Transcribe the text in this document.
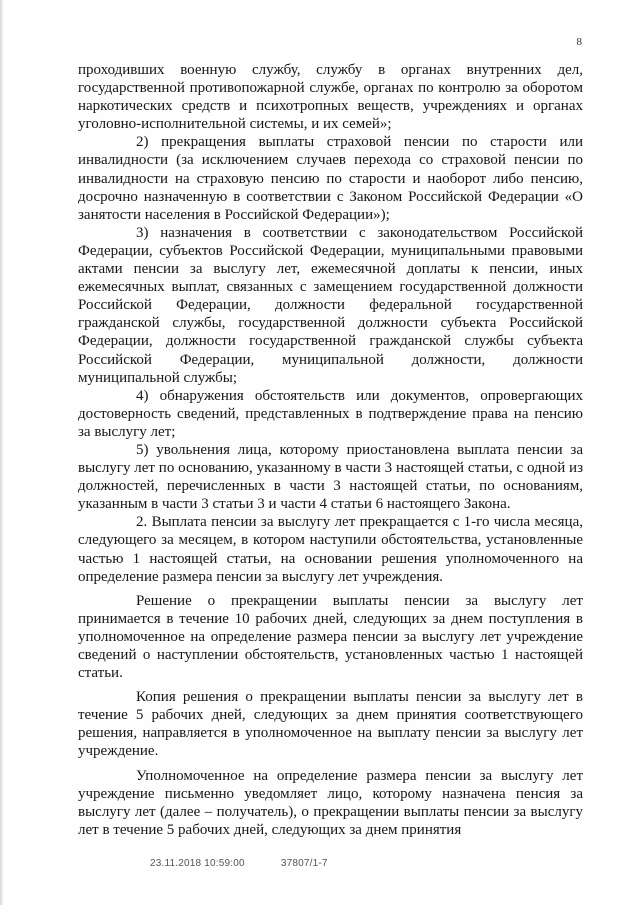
8

проходивших военную службу, службу в органах внутренних дел, государственной противопожарной службе, органах по контролю за оборотом наркотических средств и психотропных веществ, учреждениях и органах уголовно-исполнительной системы, и их семей»;

2) прекращения выплаты страховой пенсии по старости или инвалидности (за исключением случаев перехода со страховой пенсии по инвалидности на страховую пенсию по старости и наоборот либо пенсию, досрочно назначенную в соответствии с Законом Российской Федерации «О занятости населения в Российской Федерации»);

3) назначения в соответствии с законодательством Российской Федерации, субъектов Российской Федерации, муниципальными правовыми актами пенсии за выслугу лет, ежемесячной доплаты к пенсии, иных ежемесячных выплат, связанных с замещением государственной должности Российской Федерации, должности федеральной государственной гражданской службы, государственной должности субъекта Российской Федерации, должности государственной гражданской службы субъекта Российской Федерации, муниципальной должности, должности муниципальной службы;

4) обнаружения обстоятельств или документов, опровергающих достоверность сведений, представленных в подтверждение права на пенсию за выслугу лет;

5) увольнения лица, которому приостановлена выплата пенсии за выслугу лет по основанию, указанному в части 3 настоящей статьи, с одной из должностей, перечисленных в части 3 настоящей статьи, по основаниям, указанным в части 3 статьи 3 и части 4 статьи 6 настоящего Закона.

2. Выплата пенсии за выслугу лет прекращается с 1-го числа месяца, следующего за месяцем, в котором наступили обстоятельства, установленные частью 1 настоящей статьи, на основании решения уполномоченного на определение размера пенсии за выслугу лет учреждения.

Решение о прекращении выплаты пенсии за выслугу лет принимается в течение 10 рабочих дней, следующих за днем поступления в уполномоченное на определение размера пенсии за выслугу лет учреждение сведений о наступлении обстоятельств, установленных частью 1 настоящей статьи.

Копия решения о прекращении выплаты пенсии за выслугу лет в течение 5 рабочих дней, следующих за днем принятия соответствующего решения, направляется в уполномоченное на выплату пенсии за выслугу лет учреждение.

Уполномоченное на определение размера пенсии за выслугу лет учреждение письменно уведомляет лицо, которому назначена пенсия за выслугу лет (далее – получатель), о прекращении выплаты пенсии за выслугу лет в течение 5 рабочих дней, следующих за днем принятия

23.11.2018 10:59:00	37807/1-7
